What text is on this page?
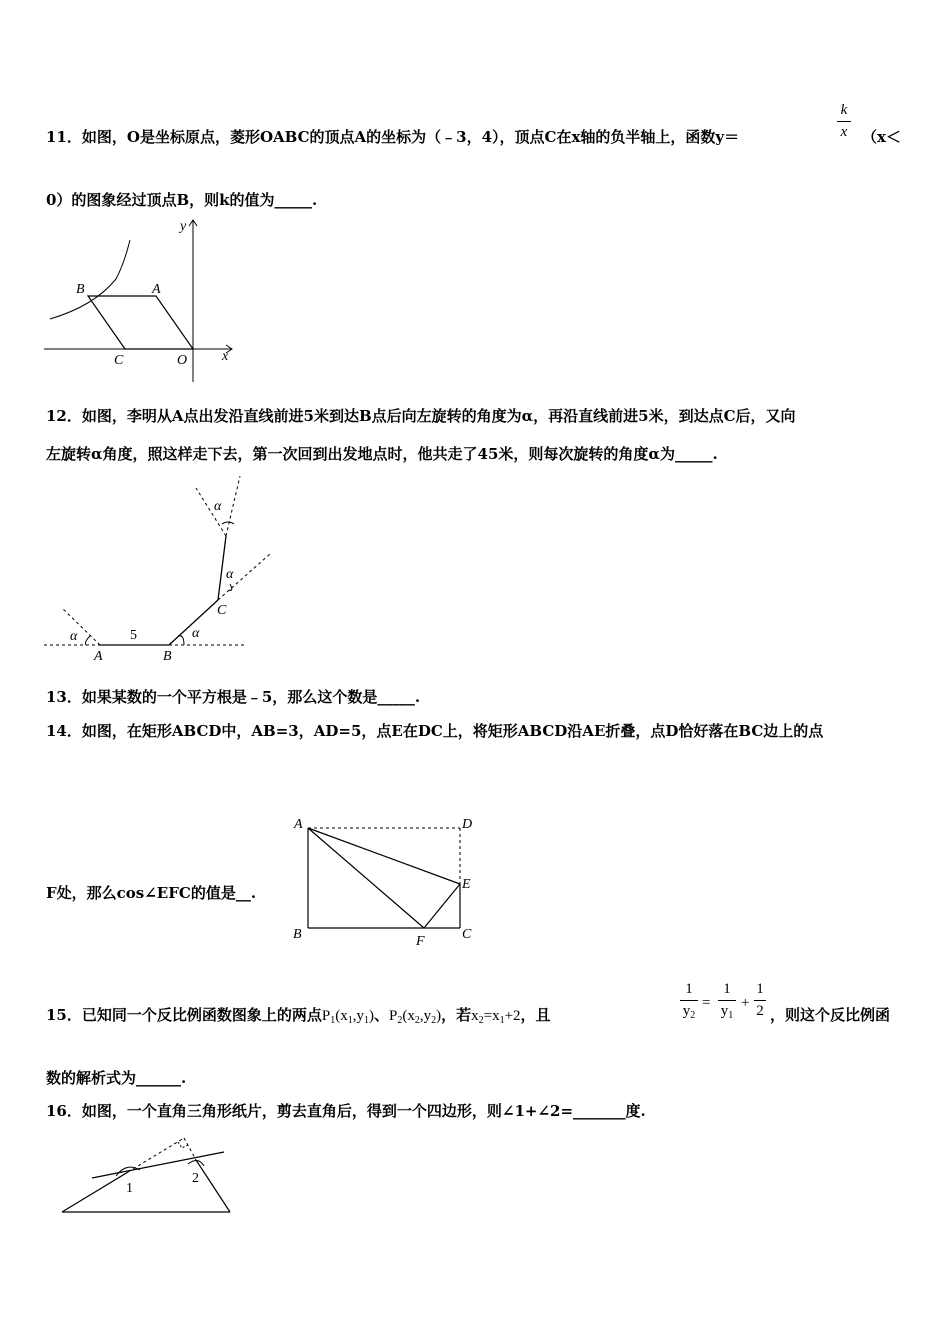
11．如图，O是坐标原点，菱形OABC的顶点A的坐标为（﹣3，4），顶点C在x轴的负半轴上，函数y＝
k
x （x＜
0）的图象经过顶点B，则k的值为_____.
x
y
B	A
C	O
12．如图，李明从A点出发沿直线前进5米到达B点后向左旋转的角度为α，再沿直线前进5米，到达点C后，又向
左旋转α角度，照这样走下去，第一次回到出发地点时，他共走了45米，则每次旋转的角度α为_____.
α	α
α
α
5
A	B
C
13．如果某数的一个平方根是﹣5，那么这个数是_____.
14．如图，在矩形ABCD中，AB=3，AD=5，点E在DC上，将矩形ABCD沿AE折叠，点D恰好落在BC边上的点
F处，那么cos∠EFC的值是__.
A	D
E
B	F	C
15．已知同一个反比例函数图象上的两点$P_1(x_1,y_1)$、$P_2(x_2,y_2)$，若$x_2=x_1+2$，且
1
$y_2$
=
1
$y_1$
+
1
2 ，则这个反比例函
数的解析式为______.
16．如图，一个直角三角形纸片，剪去直角后，得到一个四边形，则∠1+∠2=_______度.
1
2
